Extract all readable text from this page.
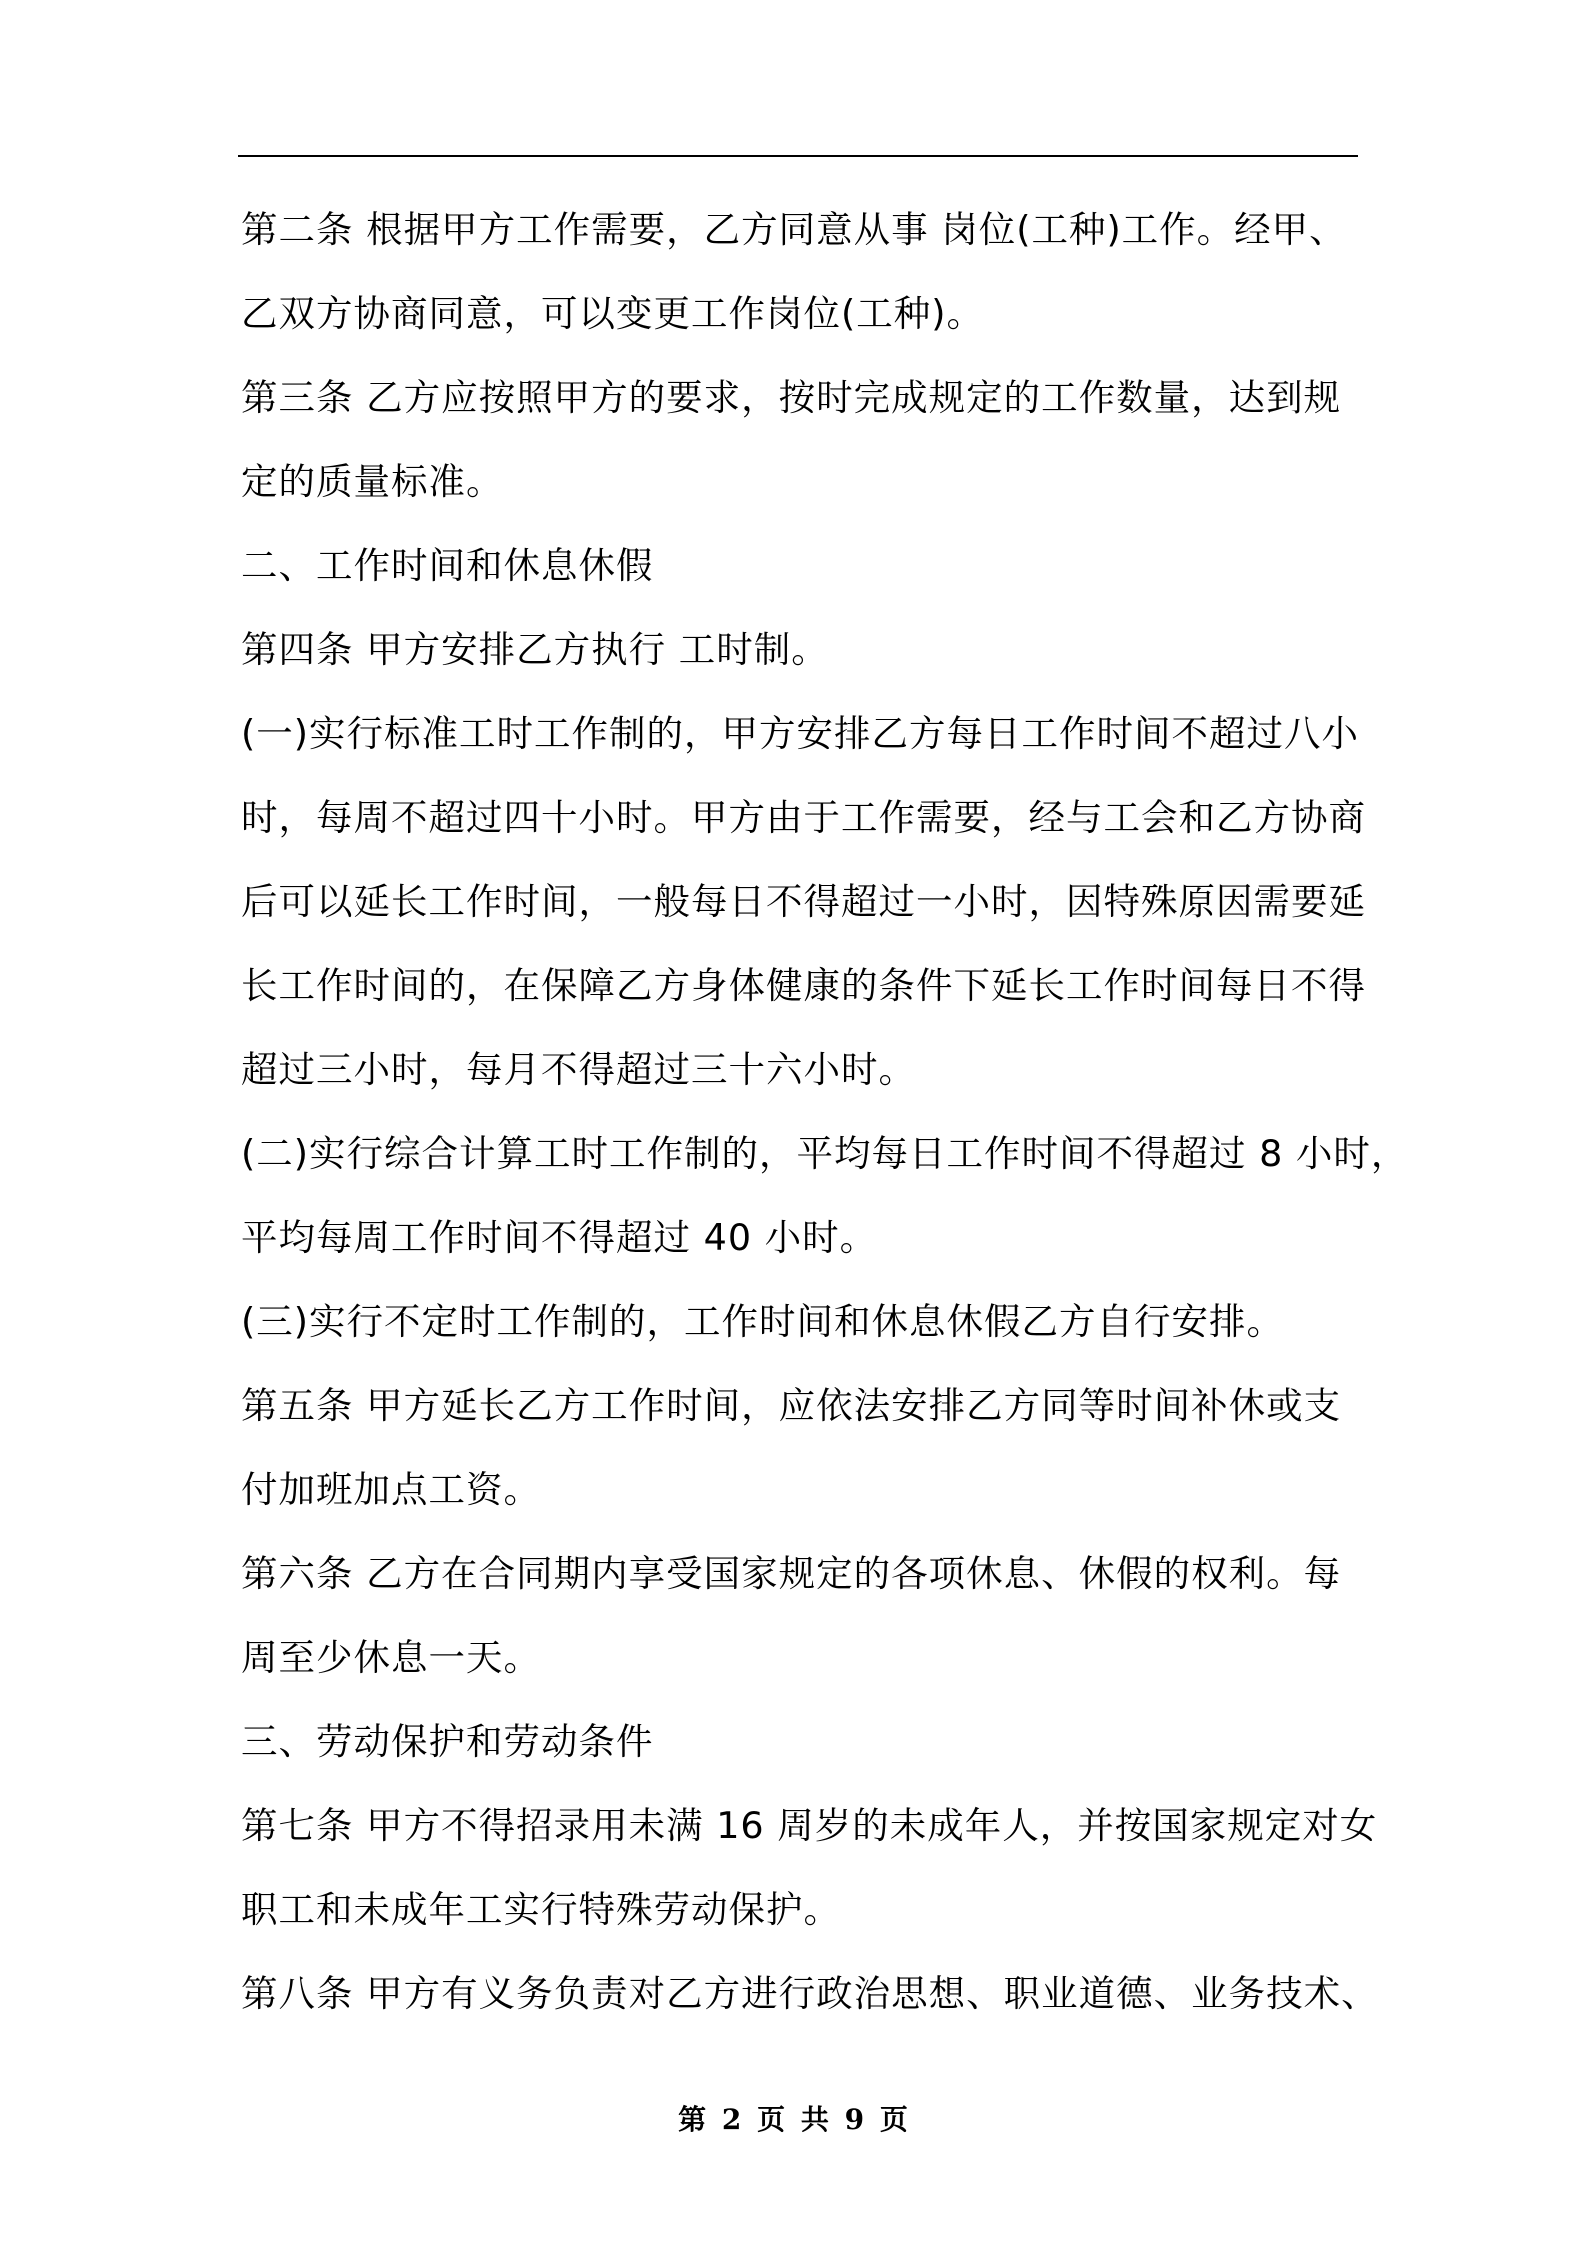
第二条 根据甲方工作需要，乙方同意从事 岗位(工种)工作。经甲、
乙双方协商同意，可以变更工作岗位(工种)。

第三条 乙方应按照甲方的要求，按时完成规定的工作数量，达到规
定的质量标准。

二、工作时间和休息休假

第四条 甲方安排乙方执行 工时制。

(一)实行标准工时工作制的，甲方安排乙方每日工作时间不超过八小
时，每周不超过四十小时。甲方由于工作需要，经与工会和乙方协商
后可以延长工作时间，一般每日不得超过一小时，因特殊原因需要延
长工作时间的，在保障乙方身体健康的条件下延长工作时间每日不得
超过三小时，每月不得超过三十六小时。

(二)实行综合计算工时工作制的，平均每日工作时间不得超过 8 小时，
平均每周工作时间不得超过 40 小时。

(三)实行不定时工作制的，工作时间和休息休假乙方自行安排。

第五条 甲方延长乙方工作时间，应依法安排乙方同等时间补休或支
付加班加点工资。

第六条 乙方在合同期内享受国家规定的各项休息、休假的权利。每
周至少休息一天。

三、劳动保护和劳动条件

第七条 甲方不得招录用未满 16 周岁的未成年人，并按国家规定对女
职工和未成年工实行特殊劳动保护。

第八条 甲方有义务负责对乙方进行政治思想、职业道德、业务技术、

第 2 页 共 9 页
